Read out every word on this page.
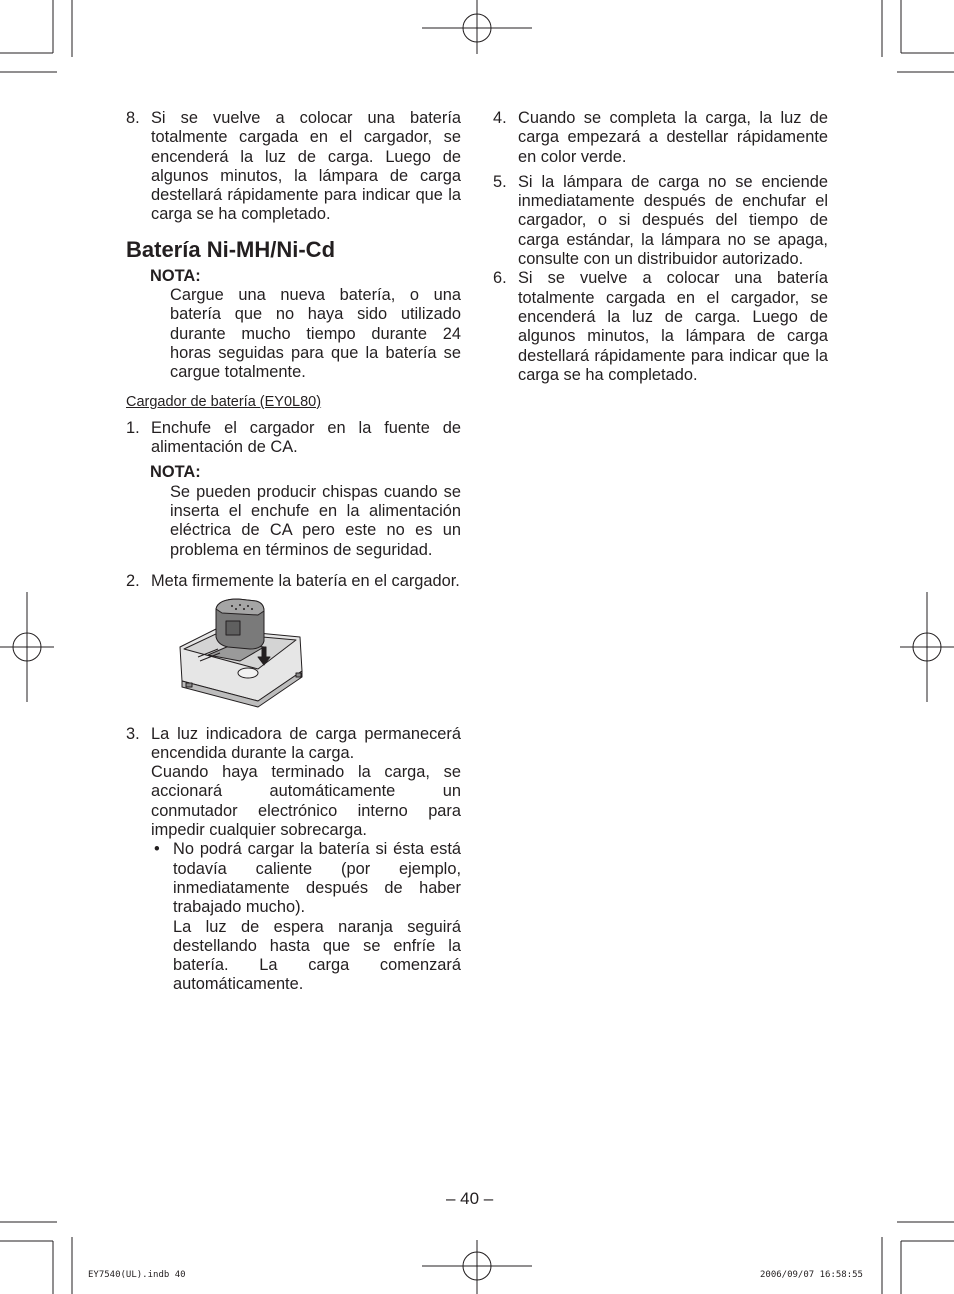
8. Si se vuelve a colocar una batería totalmente cargada en el cargador, se encenderá la luz de carga. Luego de algunos minutos, la lámpara de carga destellará rápidamente para indicar que la carga se ha completado.
Batería Ni-MH/Ni-Cd
NOTA:
Cargue una nueva batería, o una batería que no haya sido utilizado durante mucho tiempo durante 24 horas seguidas para que la batería se cargue totalmente.
Cargador de batería (EY0L80)
1. Enchufe el cargador en la fuente de alimentación de CA.
NOTA:
Se pueden producir chispas cuando se inserta el enchufe en la alimentación eléctrica de CA pero este no es un problema en términos de seguridad.
2. Meta firmemente la batería en el cargador.
3. La luz indicadora de carga permanecerá encendida durante la carga.
Cuando haya terminado la carga, se accionará automáticamente un conmutador electrónico interno para impedir cualquier sobrecarga.
• No podrá cargar la batería si ésta está todavía caliente (por ejemplo, inmediatamente después de haber trabajado mucho).
La luz de espera naranja seguirá destellando hasta que se enfríe la batería. La carga comenzará automáticamente.
4. Cuando se completa la carga, la luz de carga empezará a destellar rápidamente en color verde.
5. Si la lámpara de carga no se enciende inmediatamente después de enchufar el cargador, o si después del tiempo de carga estándar, la lámpara no se apaga, consulte con un distribuidor autorizado.
6. Si se vuelve a colocar una batería totalmente cargada en el cargador, se encenderá la luz de carga. Luego de algunos minutos, la lámpara de carga destellará rápidamente para indicar que la carga se ha completado.
– 40 –
EY7540(UL).indb 40	2006/09/07 16:58:55
